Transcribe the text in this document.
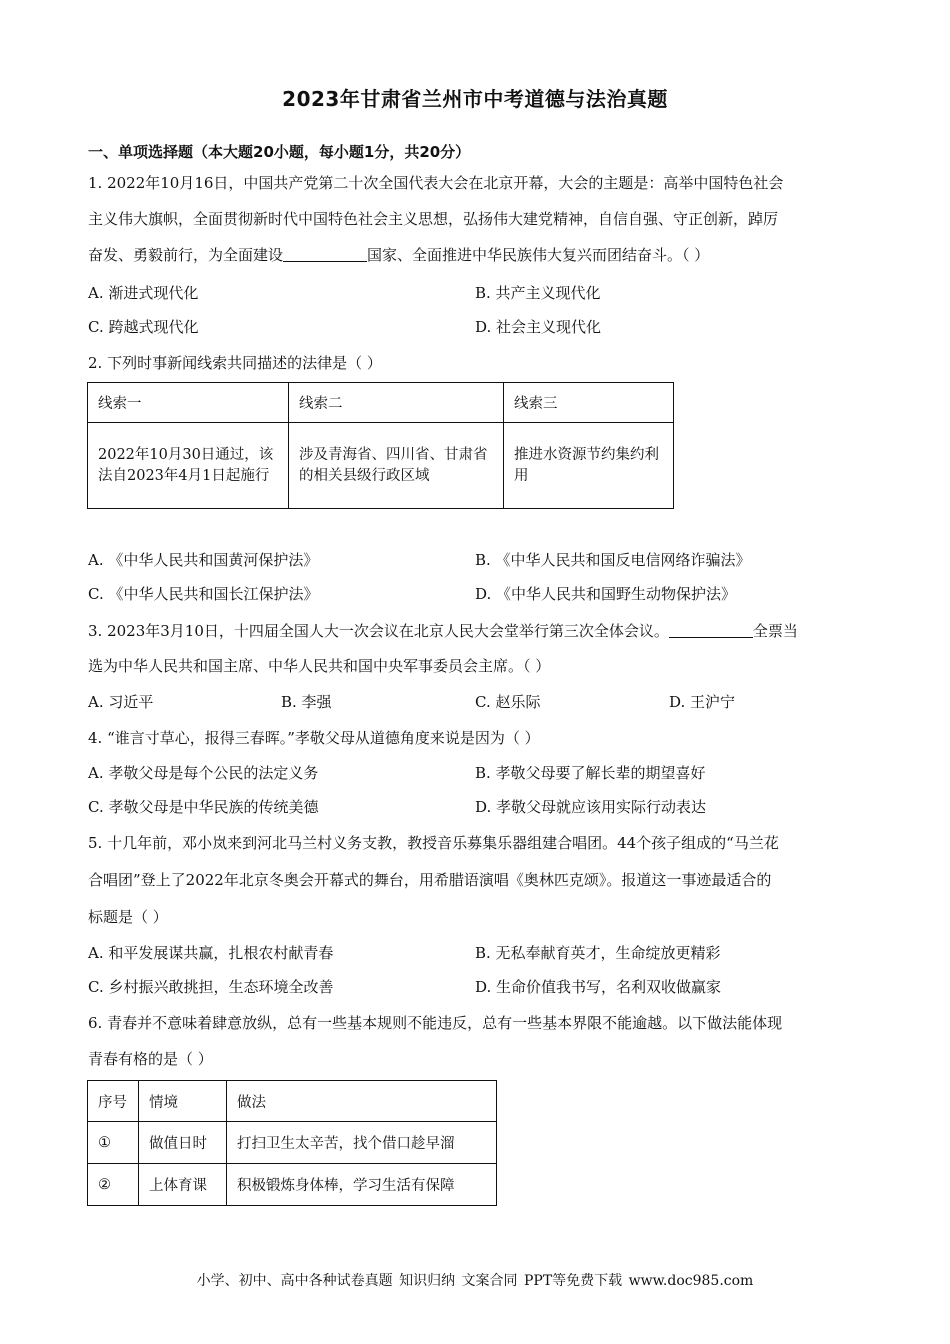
2023年甘肃省兰州市中考道德与法治真题
一、单项选择题（本大题20小题，每小题1分，共20分）
1. 2022年10月16日，中国共产党第二十次全国代表大会在北京开幕，大会的主题是：高举中国特色社会
主义伟大旗帜，全面贯彻新时代中国特色社会主义思想，弘扬伟大建党精神，自信自强、守正创新，踔厉
奋发、勇毅前行，为全面建设	国家、全面推进中华民族伟大复兴而团结奋斗。（ ）
A. 渐进式现代化	B. 共产主义现代化
C. 跨越式现代化	D. 社会主义现代化
2. 下列时事新闻线索共同描述的法律是（ ）
线索一	线索二	线索三
2022年10月30日通过，该法自2023年4月1日起施行	涉及青海省、四川省、甘肃省的相关县级行政区域	推进水资源节约集约利用
A. 《中华人民共和国黄河保护法》	B. 《中华人民共和国反电信网络诈骗法》
C. 《中华人民共和国长江保护法》	D. 《中华人民共和国野生动物保护法》
3. 2023年3月10日，十四届全国人大一次会议在北京人民大会堂举行第三次全体会议。	全票当
选为中华人民共和国主席、中华人民共和国中央军事委员会主席。（ ）
A. 习近平	B. 李强	C. 赵乐际	D. 王沪宁
4. “谁言寸草心，报得三春晖。”孝敬父母从道德角度来说是因为（ ）
A. 孝敬父母是每个公民的法定义务	B. 孝敬父母要了解长辈的期望喜好
C. 孝敬父母是中华民族的传统美德	D. 孝敬父母就应该用实际行动表达
5. 十几年前，邓小岚来到河北马兰村义务支教，教授音乐募集乐器组建合唱团。44个孩子组成的“马兰花
合唱团”登上了2022年北京冬奥会开幕式的舞台，用希腊语演唱《奥林匹克颂》。报道这一事迹最适合的
标题是（ ）
A. 和平发展谋共赢，扎根农村献青春	B. 无私奉献育英才，生命绽放更精彩
C. 乡村振兴敢挑担，生态环境全改善	D. 生命价值我书写，名利双收做赢家
6. 青春并不意味着肆意放纵，总有一些基本规则不能违反，总有一些基本界限不能逾越。以下做法能体现
青春有格的是（ ）
序号	情境	做法
①	做值日时	打扫卫生太辛苦，找个借口趁早溜
②	上体育课	积极锻炼身体棒，学习生活有保障
小学、初中、高中各种试卷真题 知识归纳 文案合同 PPT等免费下载 www.doc985.com
